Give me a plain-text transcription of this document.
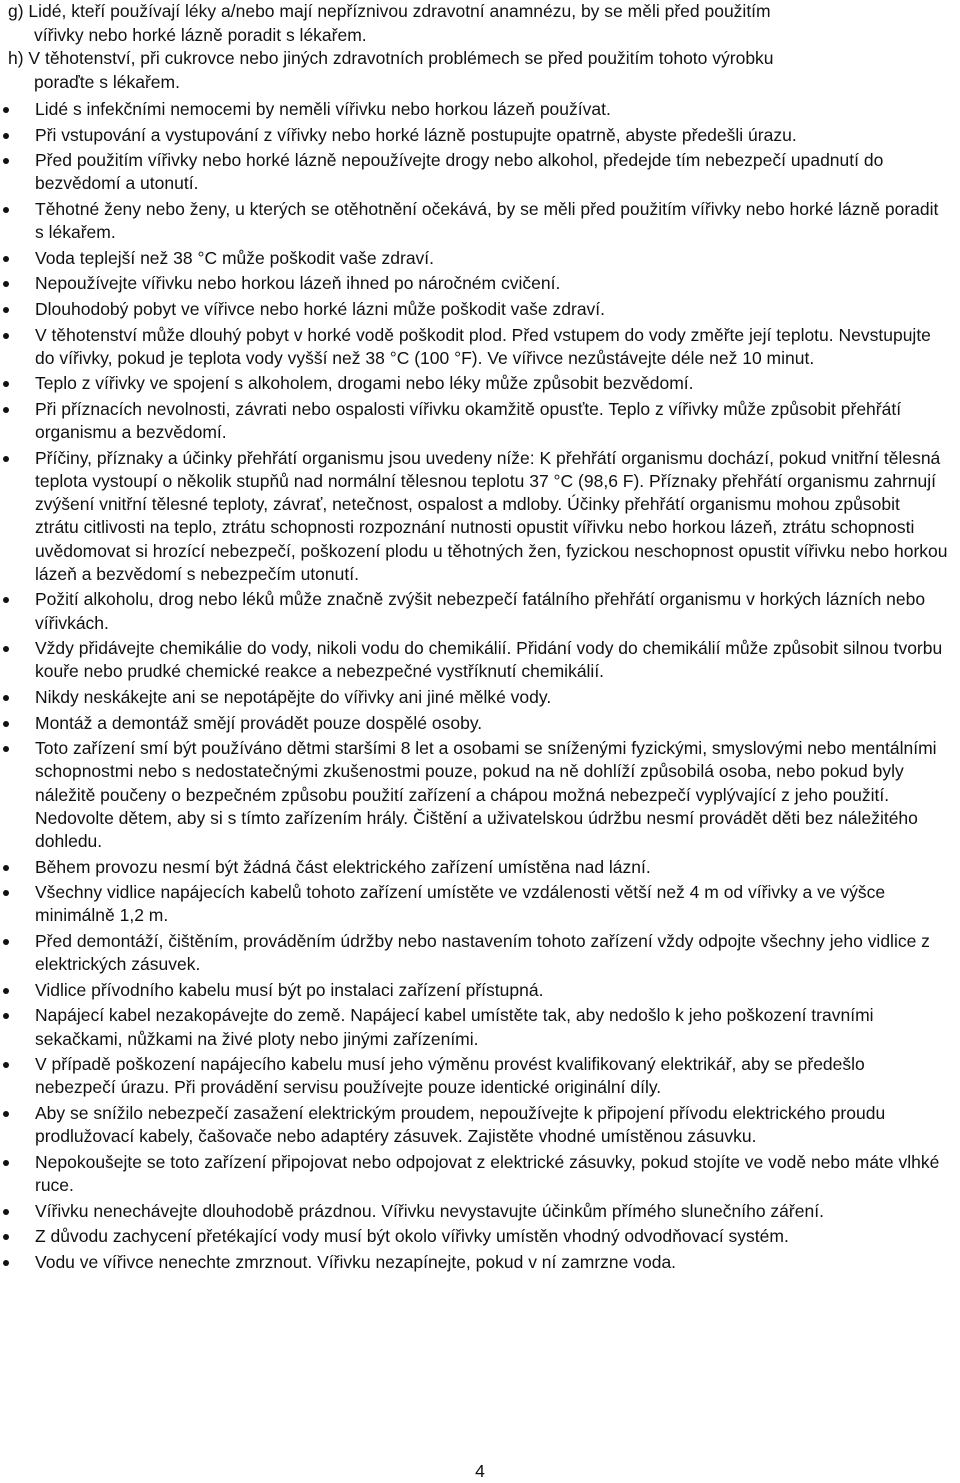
g) Lidé, kteří používají léky a/nebo mají nepříznivou zdravotní anamnézu, by se měli před použitím

vířivky nebo horké lázně poradit s lékařem.

h) V těhotenství, při cukrovce nebo jiných zdravotních problémech se před použitím tohoto výrobku

poraďte s lékařem.

Lidé s infekčními nemocemi by neměli vířivku nebo horkou lázeň používat.
Při vstupování a vystupování z vířivky nebo horké lázně postupujte opatrně, abyste předešli úrazu.
Před použitím vířivky nebo horké lázně nepoužívejte drogy nebo alkohol, předejde tím nebezpečí upadnutí do bezvědomí a utonutí.
Těhotné ženy nebo ženy, u kterých se otěhotnění očekává, by se měli před použitím vířivky nebo horké lázně poradit s lékařem.
Voda teplejší než 38 °C může poškodit vaše zdraví.
Nepoužívejte vířivku nebo horkou lázeň ihned po náročném cvičení.
Dlouhodobý pobyt ve vířivce nebo horké lázni může poškodit vaše zdraví.
V těhotenství může dlouhý pobyt v horké vodě poškodit plod. Před vstupem do vody změřte její teplotu. Nevstupujte do vířivky, pokud je teplota vody vyšší než 38 °C (100 °F). Ve vířivce nezůstávejte déle než 10 minut.
Teplo z vířivky ve spojení s alkoholem, drogami nebo léky může způsobit bezvědomí.
Při příznacích nevolnosti, závrati nebo ospalosti vířivku okamžitě opusťte. Teplo z vířivky může způsobit přehřátí organismu a bezvědomí.
Příčiny, příznaky a účinky přehřátí organismu jsou uvedeny níže: K přehřátí organismu dochází, pokud vnitřní tělesná teplota vystoupí o několik stupňů nad normální tělesnou teplotu 37 °C (98,6 F). Příznaky přehřátí organismu zahrnují zvýšení vnitřní tělesné teploty, závrať, netečnost, ospalost a mdloby. Účinky přehřátí organismu mohou způsobit ztrátu citlivosti na teplo, ztrátu schopnosti rozpoznání nutnosti opustit vířivku nebo horkou lázeň, ztrátu schopnosti uvědomovat si hrozící nebezpečí, poškození plodu u těhotných žen, fyzickou neschopnost opustit vířivku nebo horkou lázeň a bezvědomí s nebezpečím utonutí.
Požití alkoholu, drog nebo léků může značně zvýšit nebezpečí fatálního přehřátí organismu v horkých lázních nebo vířivkách.
Vždy přidávejte chemikálie do vody, nikoli vodu do chemikálií. Přidání vody do chemikálií může způsobit silnou tvorbu kouře nebo prudké chemické reakce a nebezpečné vystříknutí chemikálií.
Nikdy neskákejte ani se nepotápějte do vířivky ani jiné mělké vody.
Montáž a demontáž smějí provádět pouze dospělé osoby.
Toto zařízení smí být používáno dětmi staršími 8 let a osobami se sníženými fyzickými, smyslovými nebo mentálními schopnostmi nebo s nedostatečnými zkušenostmi pouze, pokud na ně dohlíží způsobilá osoba, nebo pokud byly náležitě poučeny o bezpečném způsobu použití zařízení a chápou možná nebezpečí vyplývající z jeho použití. Nedovolte dětem, aby si s tímto zařízením hrály. Čištění a uživatelskou údržbu nesmí provádět děti bez náležitého dohledu.
Během provozu nesmí být žádná část elektrického zařízení umístěna nad lázní.
Všechny vidlice napájecích kabelů tohoto zařízení umístěte ve vzdálenosti větší než 4 m od vířivky a ve výšce minimálně 1,2 m.
Před demontáží, čištěním, prováděním údržby nebo nastavením tohoto zařízení vždy odpojte všechny jeho vidlice z elektrických zásuvek.
Vidlice přívodního kabelu musí být po instalaci zařízení přístupná.
Napájecí kabel nezakopávejte do země. Napájecí kabel umístěte tak, aby nedošlo k jeho poškození travními sekačkami, nůžkami na živé ploty nebo jinými zařízeními.
V případě poškození napájecího kabelu musí jeho výměnu provést kvalifikovaný elektrikář, aby se předešlo nebezpečí úrazu. Při provádění servisu používejte pouze identické originální díly.
Aby se snížilo nebezpečí zasažení elektrickým proudem, nepoužívejte k připojení přívodu elektrického proudu prodlužovací kabely, čašovače nebo adaptéry zásuvek. Zajistěte vhodné umístěnou zásuvku.
Nepokoušejte se toto zařízení připojovat nebo odpojovat z elektrické zásuvky, pokud stojíte ve vodě nebo máte vlhké ruce.
Vířivku nenechávejte dlouhodobě prázdnou. Vířivku nevystavujte účinkům přímého slunečního záření.
Z důvodu zachycení přetékající vody musí být okolo vířivky umístěn vhodný odvodňovací systém.
Vodu ve vířivce nenechte zmrznout. Vířivku nezapínejte, pokud v ní zamrzne voda.
4
